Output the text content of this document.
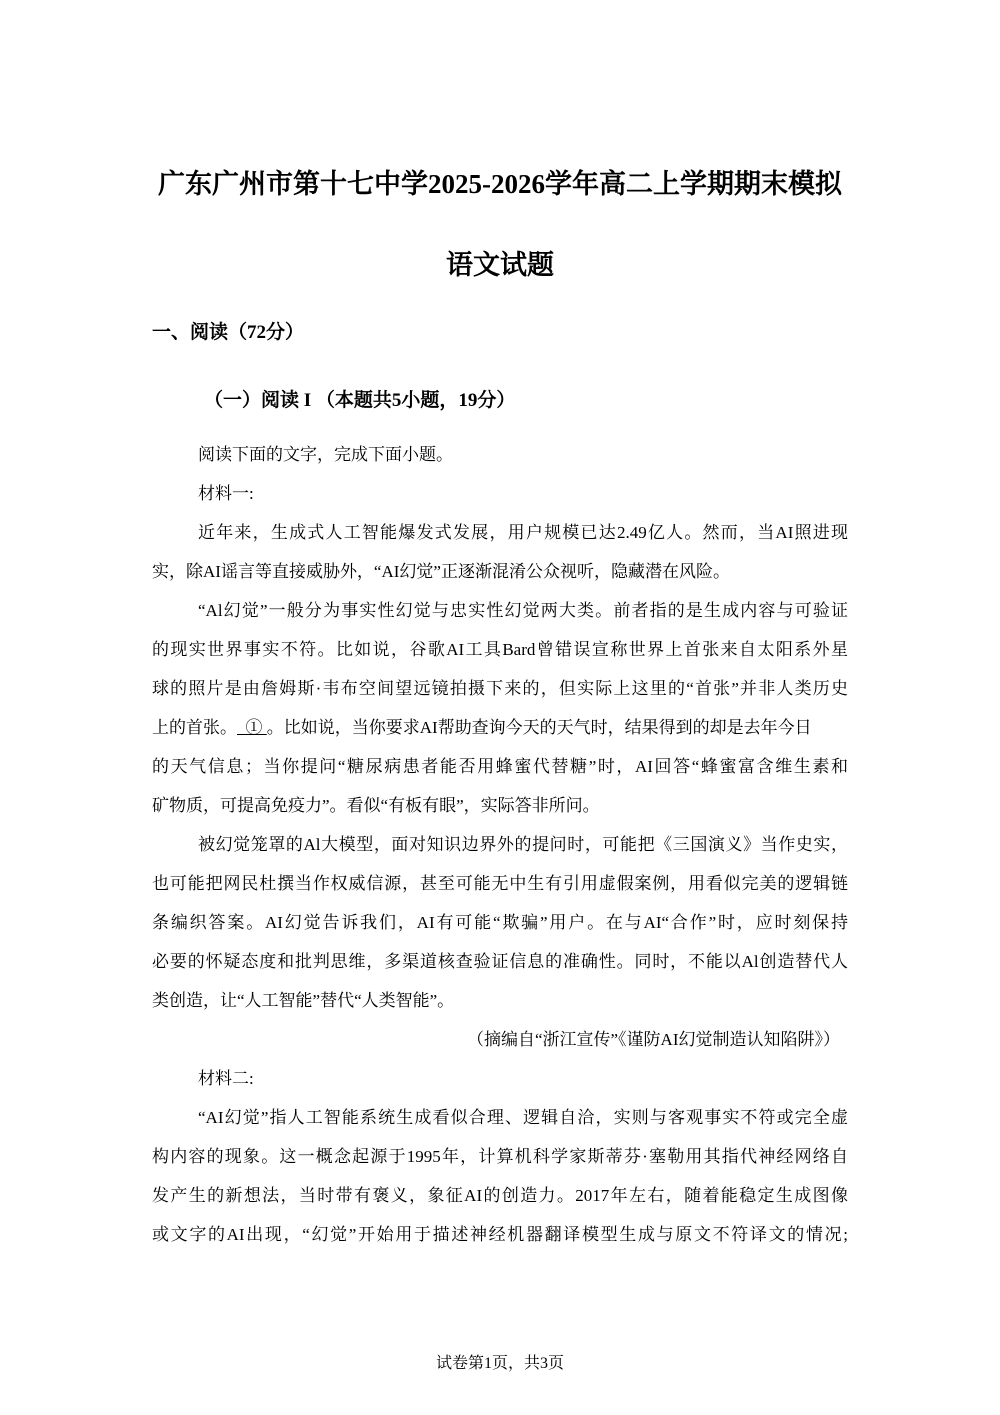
广东广州市第十七中学2025-2026学年高二上学期期末模拟
语文试题
一、阅读（72分）
（一）阅读 I （本题共5小题，19分）
阅读下面的文字，完成下面小题。
材料一:
近年来，生成式人工智能爆发式发展，用户规模已达2.49亿人。然而，当AI照进现
实，除AI谣言等直接威胁外，“AI幻觉”正逐渐混淆公众视听，隐藏潜在风险。
“Al幻觉”一般分为事实性幻觉与忠实性幻觉两大类。前者指的是生成内容与可验证
的现实世界事实不符。比如说，谷歌AI工具Bard曾错误宣称世界上首张来自太阳系外星
球的照片是由詹姆斯·韦布空间望远镜拍摄下来的，但实际上这里的“首张”并非人类历史
上的首张。 ① 。比如说，当你要求AI帮助查询今天的天气时，结果得到的却是去年今日
的天气信息；当你提问“糖尿病患者能否用蜂蜜代替糖”时，AI回答“蜂蜜富含维生素和
矿物质，可提高免疫力”。看似“有板有眼”，实际答非所问。
被幻觉笼罩的Al大模型，面对知识边界外的提问时，可能把《三国演义》当作史实，
也可能把网民杜撰当作权威信源，甚至可能无中生有引用虚假案例，用看似完美的逻辑链
条编织答案。AI幻觉告诉我们，AI有可能“欺骗”用户。在与AI“合作”时，应时刻保持
必要的怀疑态度和批判思维，多渠道核查验证信息的准确性。同时，不能以Al创造替代人
类创造，让“人工智能”替代“人类智能”。
（摘编自“浙江宣传”《谨防AI幻觉制造认知陷阱》）
材料二:
“AI幻觉”指人工智能系统生成看似合理、逻辑自洽，实则与客观事实不符或完全虚
构内容的现象。这一概念起源于1995年，计算机科学家斯蒂芬·塞勒用其指代神经网络自
发产生的新想法，当时带有褒义，象征AI的创造力。2017年左右，随着能稳定生成图像
或文字的AI出现，“幻觉”开始用于描述神经机器翻译模型生成与原文不符译文的情况;
试卷第1页，共3页
